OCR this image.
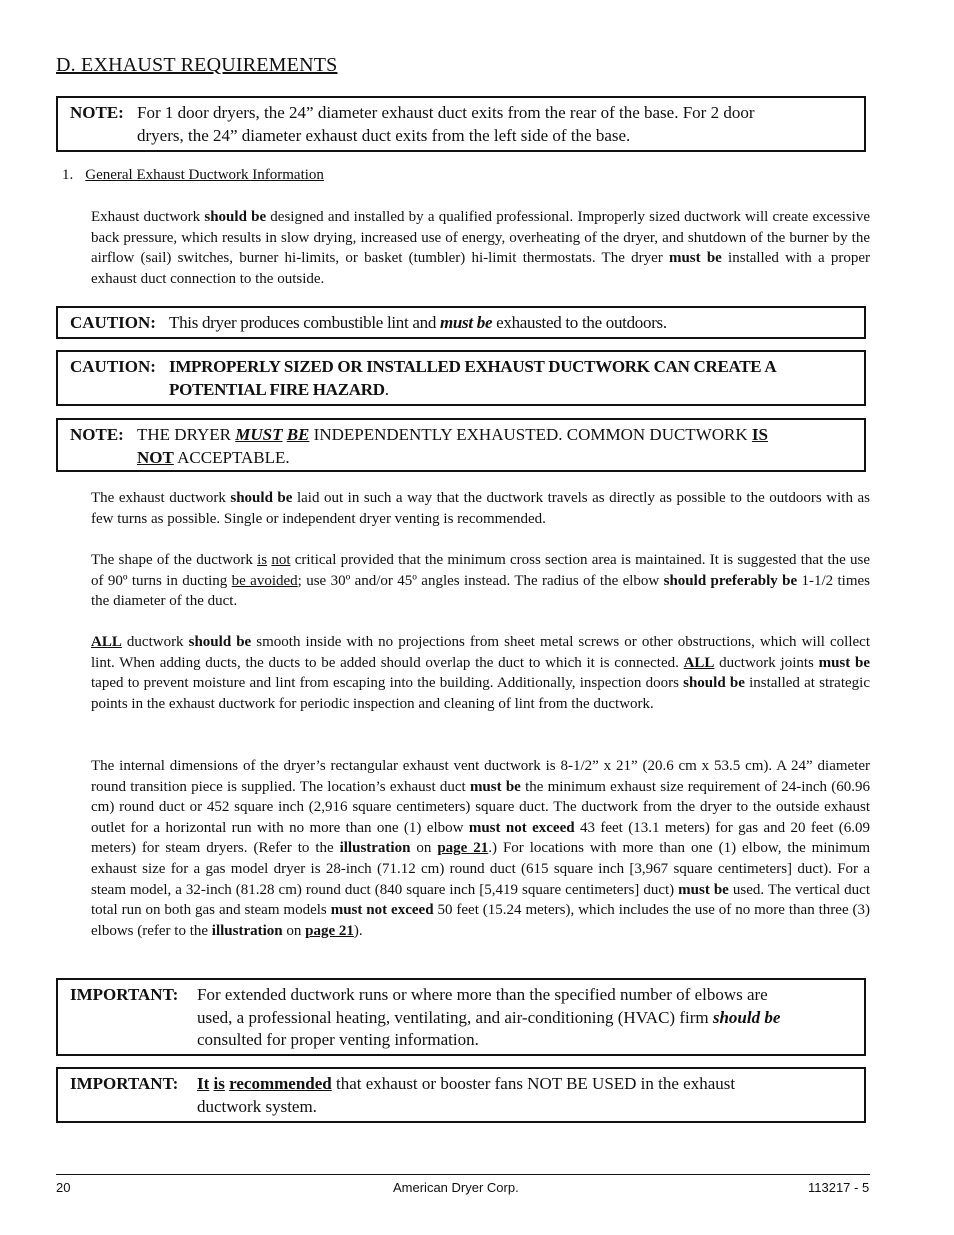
D. EXHAUST REQUIREMENTS
NOTE: For 1 door dryers, the 24” diameter exhaust duct exits from the rear of the base. For 2 door
dryers, the 24” diameter exhaust duct exits from the left side of the base.
1. General Exhaust Ductwork Information
Exhaust ductwork should be designed and installed by a qualified professional. Improperly sized ductwork will create excessive back pressure, which results in slow drying, increased use of energy, overheating of the dryer, and shutdown of the burner by the airflow (sail) switches, burner hi-limits, or basket (tumbler) hi-limit thermostats. The dryer must be installed with a proper exhaust duct connection to the outside.
CAUTION: This dryer produces combustible lint and must be exhausted to the outdoors.
CAUTION: IMPROPERLY SIZED OR INSTALLED EXHAUST DUCTWORK CAN CREATE A
POTENTIAL FIRE HAZARD.
NOTE: THE DRYER MUST BE INDEPENDENTLY EXHAUSTED. COMMON DUCTWORK IS
NOT ACCEPTABLE.
The exhaust ductwork should be laid out in such a way that the ductwork travels as directly as possible to the outdoors with as few turns as possible. Single or independent dryer venting is recommended.
The shape of the ductwork is not critical provided that the minimum cross section area is maintained. It is suggested that the use of 90º turns in ducting be avoided; use 30º and/or 45º angles instead. The radius of the elbow should preferably be 1-1/2 times the diameter of the duct.
ALL ductwork should be smooth inside with no projections from sheet metal screws or other obstructions, which will collect lint. When adding ducts, the ducts to be added should overlap the duct to which it is connected. ALL ductwork joints must be taped to prevent moisture and lint from escaping into the building. Additionally, inspection doors should be installed at strategic points in the exhaust ductwork for periodic inspection and cleaning of lint from the ductwork.
The internal dimensions of the dryer’s rectangular exhaust vent ductwork is 8-1/2” x 21” (20.6 cm x 53.5 cm). A 24” diameter round transition piece is supplied. The location’s exhaust duct must be the minimum exhaust size requirement of 24-inch (60.96 cm) round duct or 452 square inch (2,916 square centimeters) square duct. The ductwork from the dryer to the outside exhaust outlet for a horizontal run with no more than one (1) elbow must not exceed 43 feet (13.1 meters) for gas and 20 feet (6.09 meters) for steam dryers. (Refer to the illustration on page 21.) For locations with more than one (1) elbow, the minimum exhaust size for a gas model dryer is 28-inch (71.12 cm) round duct (615 square inch [3,967 square centimeters] duct). For a steam model, a 32-inch (81.28 cm) round duct (840 square inch [5,419 square centimeters] duct) must be used. The vertical duct total run on both gas and steam models must not exceed 50 feet (15.24 meters), which includes the use of no more than three (3) elbows (refer to the illustration on page 21).
IMPORTANT: For extended ductwork runs or where more than the specified number of elbows are
used, a professional heating, ventilating, and air-conditioning (HVAC) firm should be
consulted for proper venting information.
IMPORTANT: It is recommended that exhaust or booster fans NOT BE USED in the exhaust
ductwork system.
20	American Dryer Corp.	113217 - 5
